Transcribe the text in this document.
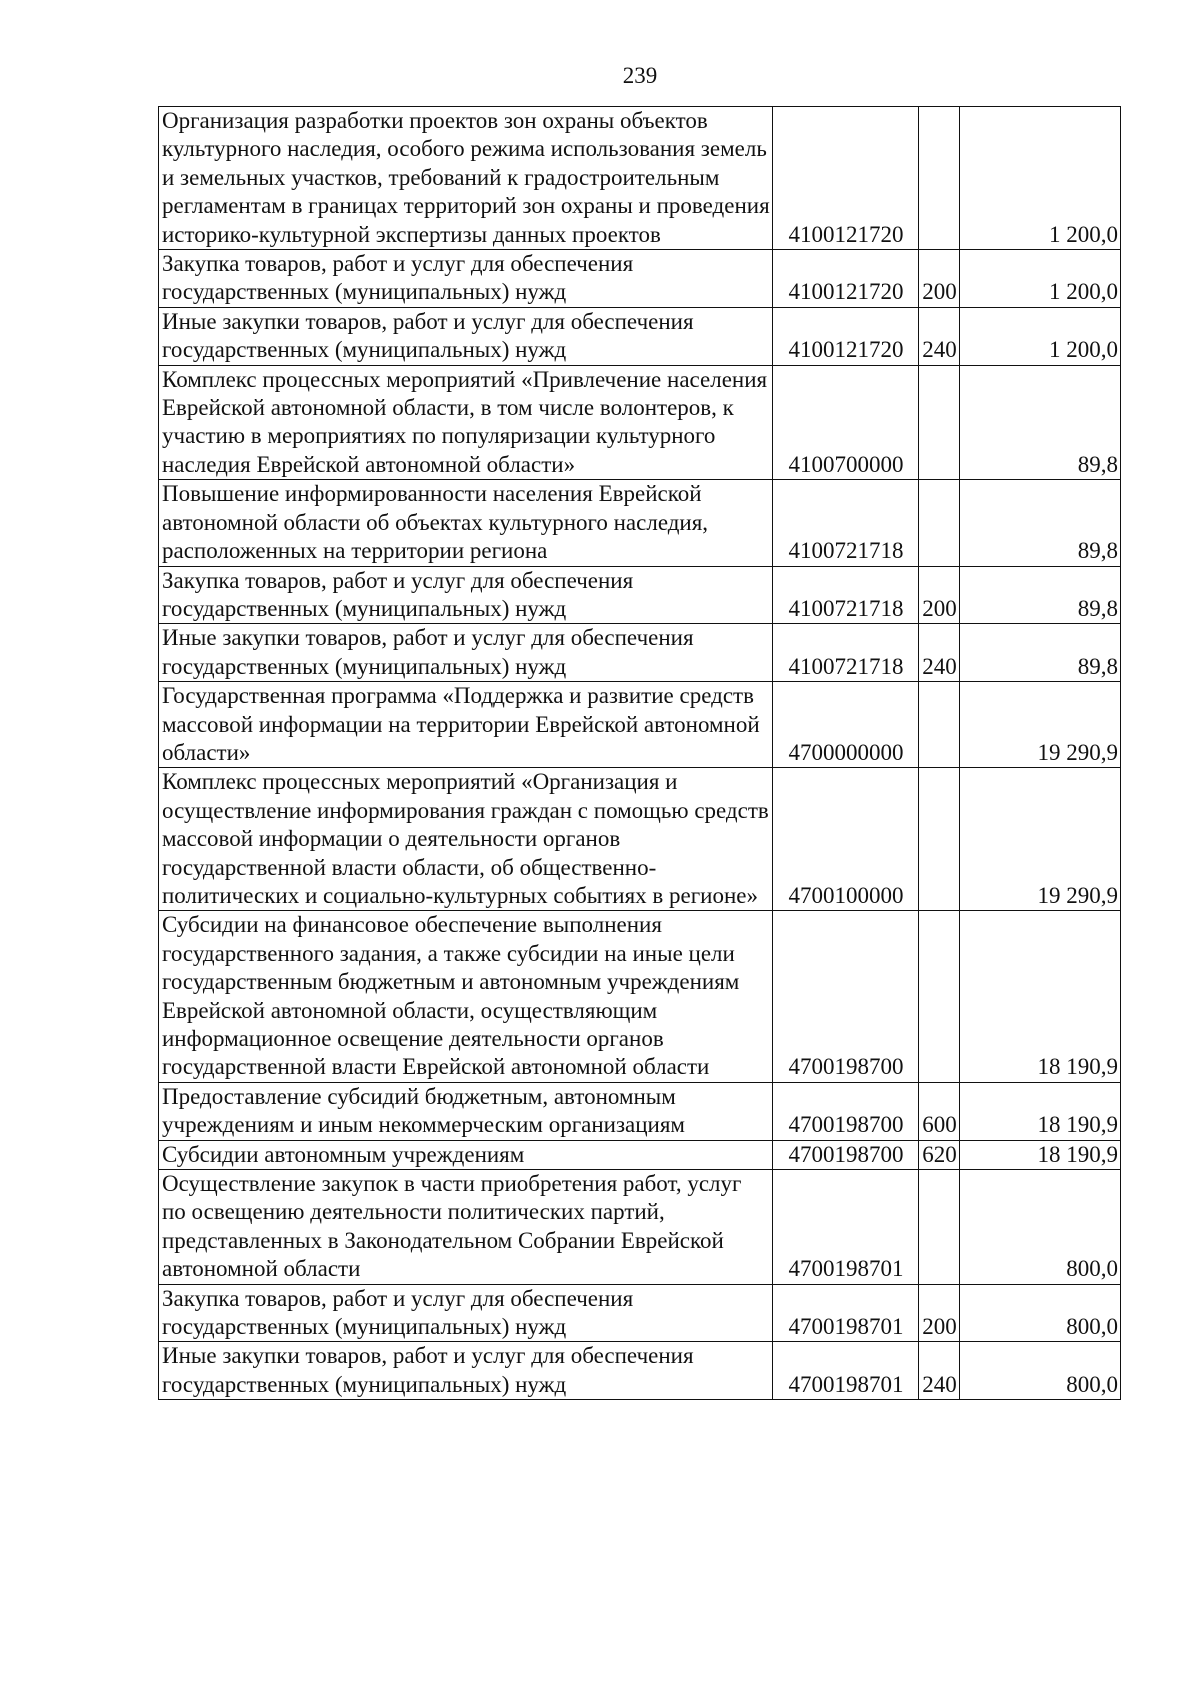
239
Организация разработки проектов зон охраны объектов культурного наследия, особого режима использования земель и земельных участков, требований к градостроительным регламентам в границах территорий зон охраны и проведения историко-культурной экспертизы данных проектов	4100121720		1 200,0
Закупка товаров, работ и услуг для обеспечения государственных (муниципальных) нужд	4100121720	200	1 200,0
Иные закупки товаров, работ и услуг для обеспечения государственных (муниципальных) нужд	4100121720	240	1 200,0
Комплекс процессных мероприятий «Привлечение населения Еврейской автономной области, в том числе волонтеров, к участию в мероприятиях по популяризации культурного наследия Еврейской автономной области»	4100700000		89,8
Повышение информированности населения Еврейской автономной области об объектах культурного наследия, расположенных на территории региона	4100721718		89,8
Закупка товаров, работ и услуг для обеспечения государственных (муниципальных) нужд	4100721718	200	89,8
Иные закупки товаров, работ и услуг для обеспечения государственных (муниципальных) нужд	4100721718	240	89,8
Государственная программа «Поддержка и развитие средств массовой информации на территории Еврейской автономной области»	4700000000		19 290,9
Комплекс процессных мероприятий «Организация и осуществление информирования граждан с помощью средств массовой информации о деятельности органов государственной власти области, об общественно-политических и социально-культурных событиях в регионе»	4700100000		19 290,9
Субсидии на финансовое обеспечение выполнения государственного задания, а также субсидии на иные цели государственным бюджетным и автономным учреждениям Еврейской автономной области, осуществляющим информационное освещение деятельности органов государственной власти Еврейской автономной области	4700198700		18 190,9
Предоставление субсидий бюджетным, автономным учреждениям и иным некоммерческим организациям	4700198700	600	18 190,9
Субсидии автономным учреждениям	4700198700	620	18 190,9
Осуществление закупок в части приобретения работ, услуг по освещению деятельности политических партий, представленных в Законодательном Собрании Еврейской автономной области	4700198701		800,0
Закупка товаров, работ и услуг для обеспечения государственных (муниципальных) нужд	4700198701	200	800,0
Иные закупки товаров, работ и услуг для обеспечения государственных (муниципальных) нужд	4700198701	240	800,0
